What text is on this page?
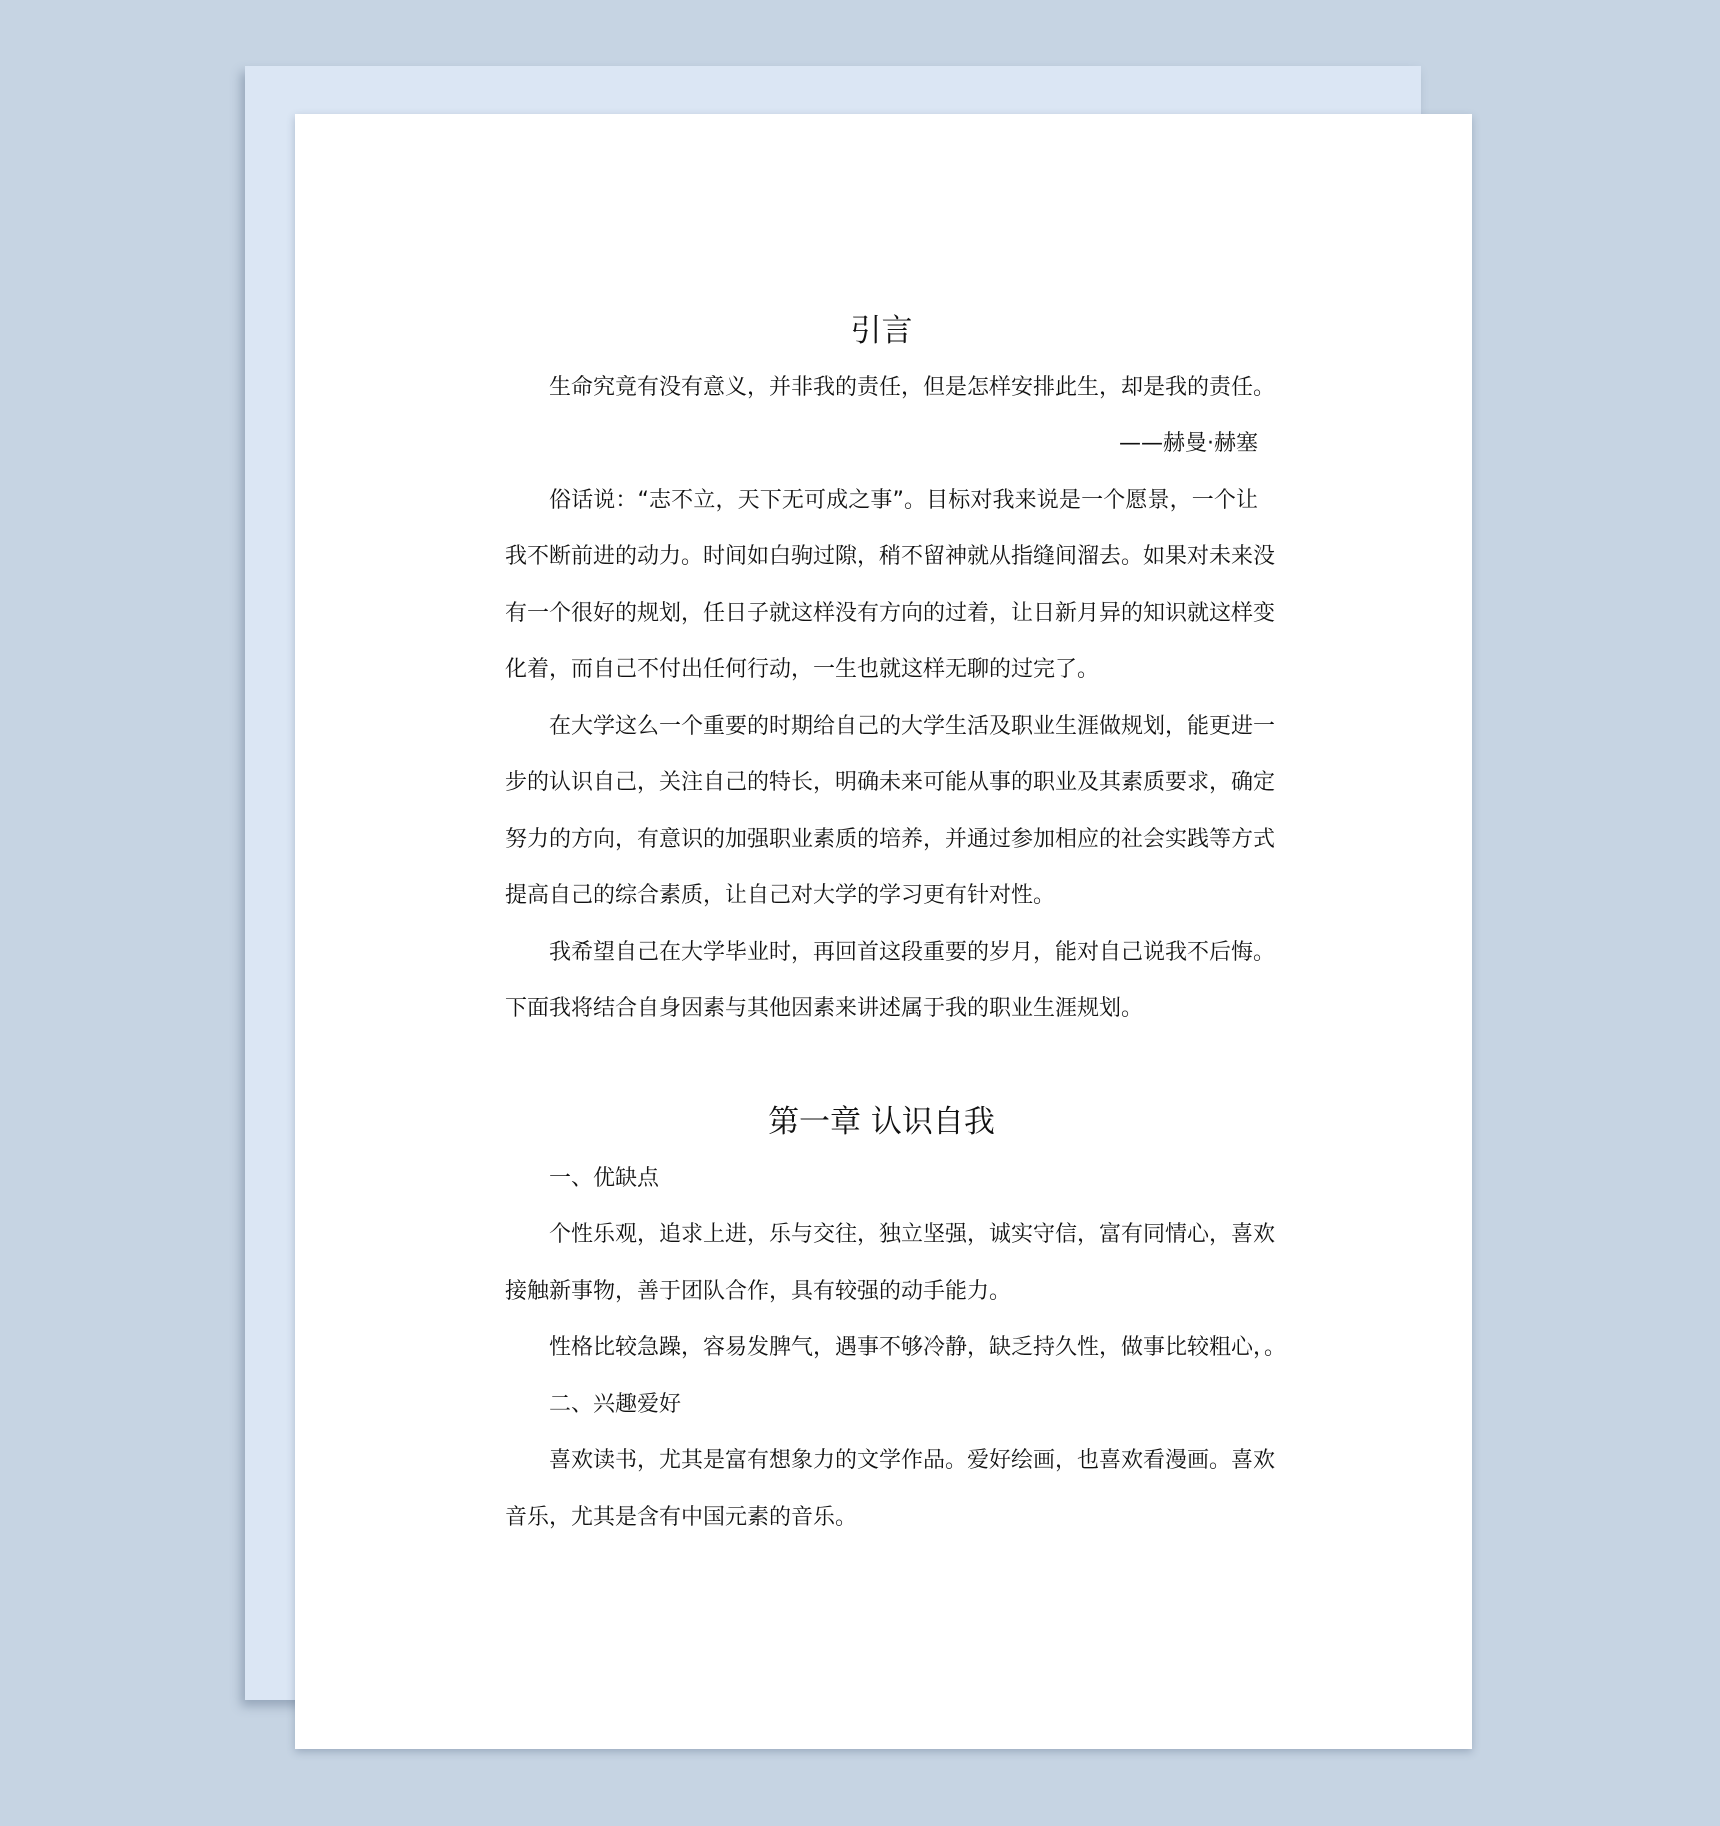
引言
生命究竟有没有意义，并非我的责任，但是怎样安排此生，却是我的责任。
——赫曼·赫塞
俗话说：“志不立，天下无可成之事”。目标对我来说是一个愿景，一个让
我不断前进的动力。时间如白驹过隙，稍不留神就从指缝间溜去。如果对未来没
有一个很好的规划，任日子就这样没有方向的过着，让日新月异的知识就这样变
化着，而自己不付出任何行动，一生也就这样无聊的过完了。
在大学这么一个重要的时期给自己的大学生活及职业生涯做规划，能更进一
步的认识自己，关注自己的特长，明确未来可能从事的职业及其素质要求，确定
努力的方向，有意识的加强职业素质的培养，并通过参加相应的社会实践等方式
提高自己的综合素质，让自己对大学的学习更有针对性。
我希望自己在大学毕业时，再回首这段重要的岁月，能对自己说我不后悔。
下面我将结合自身因素与其他因素来讲述属于我的职业生涯规划。
第一章 认识自我
一、优缺点
个性乐观，追求上进，乐与交往，独立坚强，诚实守信，富有同情心，喜欢
接触新事物，善于团队合作，具有较强的动手能力。
性格比较急躁，容易发脾气，遇事不够冷静，缺乏持久性，做事比较粗心，。
二、兴趣爱好
喜欢读书，尤其是富有想象力的文学作品。爱好绘画，也喜欢看漫画。喜欢
音乐，尤其是含有中国元素的音乐。
